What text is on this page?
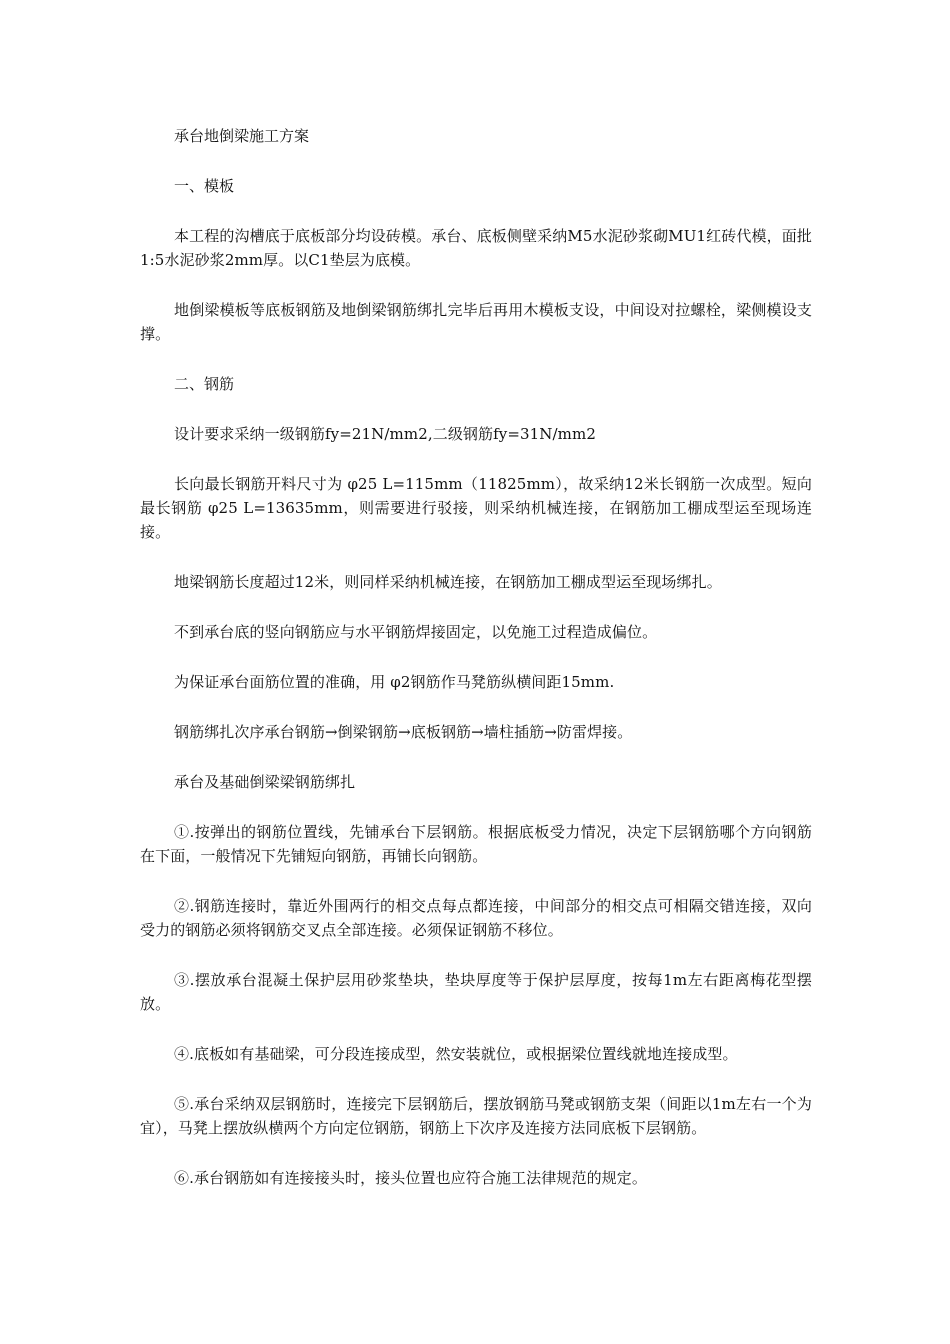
承台地倒梁施工方案

一、模板

本工程的沟槽底于底板部分均设砖模。承台、底板侧壁采纳M5水泥砂浆砌MU1红砖代模，面批1:5水泥砂浆2mm厚。以C1垫层为底模。

地倒梁模板等底板钢筋及地倒梁钢筋绑扎完毕后再用木模板支设，中间设对拉螺栓，梁侧模设支撑。

二、钢筋

设计要求采纳一级钢筋fy=21N/mm2,二级钢筋fy=31N/mm2

长向最长钢筋开料尺寸为 φ25 L=115mm（11825mm），故采纳12米长钢筋一次成型。短向最长钢筋 φ25 L=13635mm，则需要进行驳接，则采纳机械连接，在钢筋加工棚成型运至现场连接。

地梁钢筋长度超过12米，则同样采纳机械连接，在钢筋加工棚成型运至现场绑扎。

不到承台底的竖向钢筋应与水平钢筋焊接固定，以免施工过程造成偏位。

为保证承台面筋位置的准确，用 φ2钢筋作马凳筋纵横间距15mm.

钢筋绑扎次序承台钢筋→倒梁钢筋→底板钢筋→墙柱插筋→防雷焊接。

承台及基础倒梁梁钢筋绑扎

①.按弹出的钢筋位置线，先铺承台下层钢筋。根据底板受力情况，决定下层钢筋哪个方向钢筋在下面，一般情况下先铺短向钢筋，再铺长向钢筋。

②.钢筋连接时，靠近外围两行的相交点每点都连接，中间部分的相交点可相隔交错连接，双向受力的钢筋必须将钢筋交叉点全部连接。必须保证钢筋不移位。

③.摆放承台混凝土保护层用砂浆垫块，垫块厚度等于保护层厚度，按每1m左右距离梅花型摆放。

④.底板如有基础梁，可分段连接成型，然安装就位，或根据梁位置线就地连接成型。

⑤.承台采纳双层钢筋时，连接完下层钢筋后，摆放钢筋马凳或钢筋支架（间距以1m左右一个为宜），马凳上摆放纵横两个方向定位钢筋，钢筋上下次序及连接方法同底板下层钢筋。

⑥.承台钢筋如有连接接头时，接头位置也应符合施工法律规范的规定。
